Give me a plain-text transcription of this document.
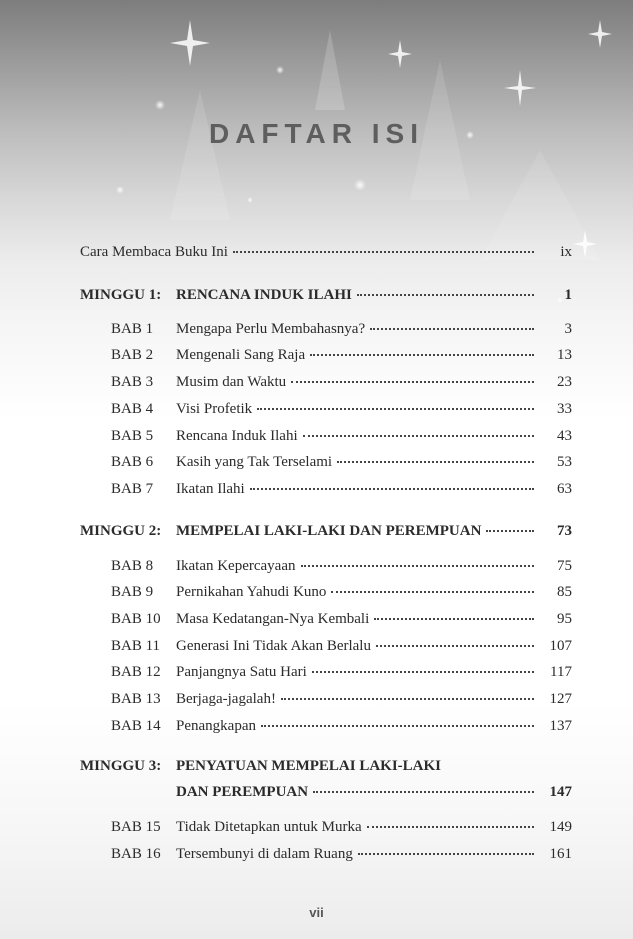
DAFTAR ISI
Cara Membaca Buku Ini	ix
MINGGU 1: RENCANA INDUK ILAHI	1
BAB 1 Mengapa Perlu Membahasnya?	3
BAB 2 Mengenali Sang Raja	13
BAB 3 Musim dan Waktu	23
BAB 4 Visi Profetik	33
BAB 5 Rencana Induk Ilahi	43
BAB 6 Kasih yang Tak Terselami	53
BAB 7 Ikatan Ilahi	63
MINGGU 2: MEMPELAI LAKI-LAKI DAN PEREMPUAN	73
BAB 8 Ikatan Kepercayaan	75
BAB 9 Pernikahan Yahudi Kuno	85
BAB 10 Masa Kedatangan-Nya Kembali	95
BAB 11 Generasi Ini Tidak Akan Berlalu	107
BAB 12 Panjangnya Satu Hari	117
BAB 13 Berjaga-jagalah!	127
BAB 14 Penangkapan	137
MINGGU 3: PENYATUAN MEMPELAI LAKI-LAKI
DAN PEREMPUAN	147
BAB 15 Tidak Ditetapkan untuk Murka	149
BAB 16 Tersembunyi di dalam Ruang	161
vii
